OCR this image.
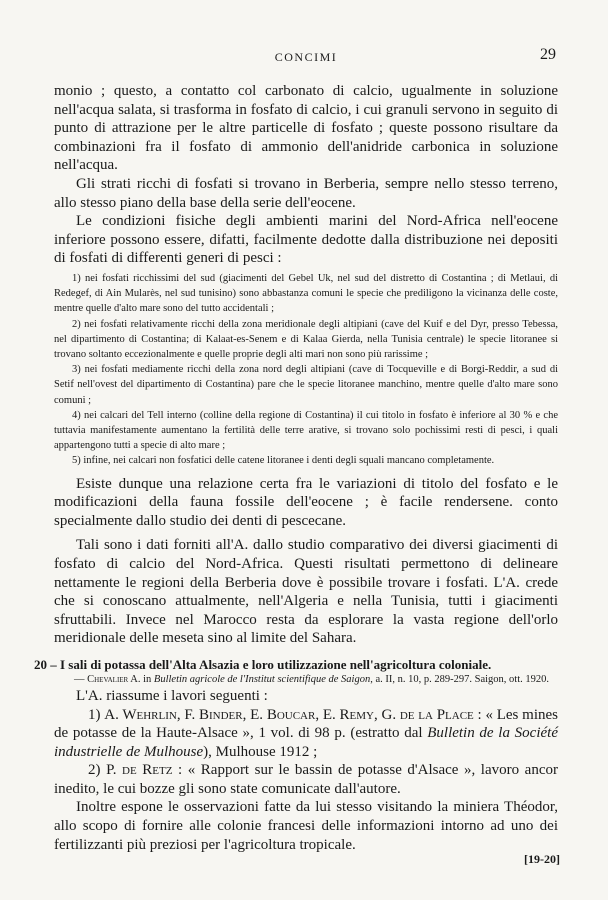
CONCIMI	29

monio ; questo, a contatto col carbonato di calcio, ugualmente in soluzione nell'acqua salata, si trasforma in fosfato di calcio, i cui granuli servono in seguito di punto di attrazione per le altre particelle di fosfato ; queste possono risultare da combinazioni fra il fosfato di ammonio dell'anidride carbonica in soluzione nell'acqua.

Gli strati ricchi di fosfati si trovano in Berberia, sempre nello stesso terreno, allo stesso piano della base della serie dell'eocene.

Le condizioni fisiche degli ambienti marini del Nord-Africa nell'eocene inferiore possono essere, difatti, facilmente dedotte dalla distribuzione nei depositi di fosfati di differenti generi di pesci :

1) nei fosfati ricchissimi del sud (giacimenti del Gebel Uk, nel sud del distretto di Costantina ; di Metlaui, di Redegef, di Ain Mularès, nel sud tunisino) sono abbastanza comuni le specie che prediligono la vicinanza delle coste, mentre quelle d'alto mare sono del tutto accidentali ;

2) nei fosfati relativamente ricchi della zona meridionale degli altipiani (cave del Kuif e del Dyr, presso Tebessa, nel dipartimento di Costantina; di Kalaat-es-Senem e di Kalaa Gierda, nella Tunisia centrale) le specie litoranee si trovano soltanto eccezionalmente e quelle proprie degli alti mari non sono più rarissime ;

3) nei fosfati mediamente ricchi della zona nord degli altipiani (cave di Tocqueville e di Borgi-Reddir, a sud di Setif nell'ovest del dipartimento di Costantina) pare che le specie litoranee manchino, mentre quelle d'alto mare sono comuni ;

4) nei calcari del Tell interno (colline della regione di Costantina) il cui titolo in fosfato è inferiore al 30 % e che tuttavia manifestamente aumentano la fertilità delle terre arative, si trovano solo pochissimi resti di pesci, i quali appartengono tutti a specie di alto mare ;

5) infine, nei calcari non fosfatici delle catene litoranee i denti degli squali mancano completamente.

Esiste dunque una relazione certa fra le variazioni di titolo del fosfato e le modificazioni della fauna fossile dell'eocene ; è facile rendersene. conto specialmente dallo studio dei denti di pescecane.

Tali sono i dati forniti all'A. dallo studio comparativo dei diversi giacimenti di fosfato di calcio del Nord-Africa. Questi risultati permettono di delineare nettamente le regioni della Berberia dove è possibile trovare i fosfati. L'A. crede che si conoscano attualmente, nell'Algeria e nella Tunisia, tutti i giacimenti sfruttabili. Invece nel Marocco resta da esplorare la vasta regione dell'orlo meridionale delle meseta sino al limite del Sahara.

20 – I sali di potassa dell'Alta Alsazia e loro utilizzazione nell'agricoltura coloniale.

— Chevalier A. in Bulletin agricole de l'Institut scientifique de Saigon, a. II, n. 10, p. 289-297. Saigon, ott. 1920.

L'A. riassume i lavori seguenti :

1) A. Wehrlin, F. Binder, E. Boucar, E. Remy, G. de la Place : « Les mines de potasse de la Haute-Alsace », 1 vol. di 98 p. (estratto dal Bulletin de la Société industrielle de Mulhouse), Mulhouse 1912 ;

2) P. de Retz : « Rapport sur le bassin de potasse d'Alsace », lavoro ancor inedito, le cui bozze gli sono state comunicate dall'autore.

Inoltre espone le osservazioni fatte da lui stesso visitando la miniera Théodor, allo scopo di fornire alle colonie francesi delle informazioni intorno ad uno dei fertilizzanti più preziosi per l'agricoltura tropicale.

[19-20]
